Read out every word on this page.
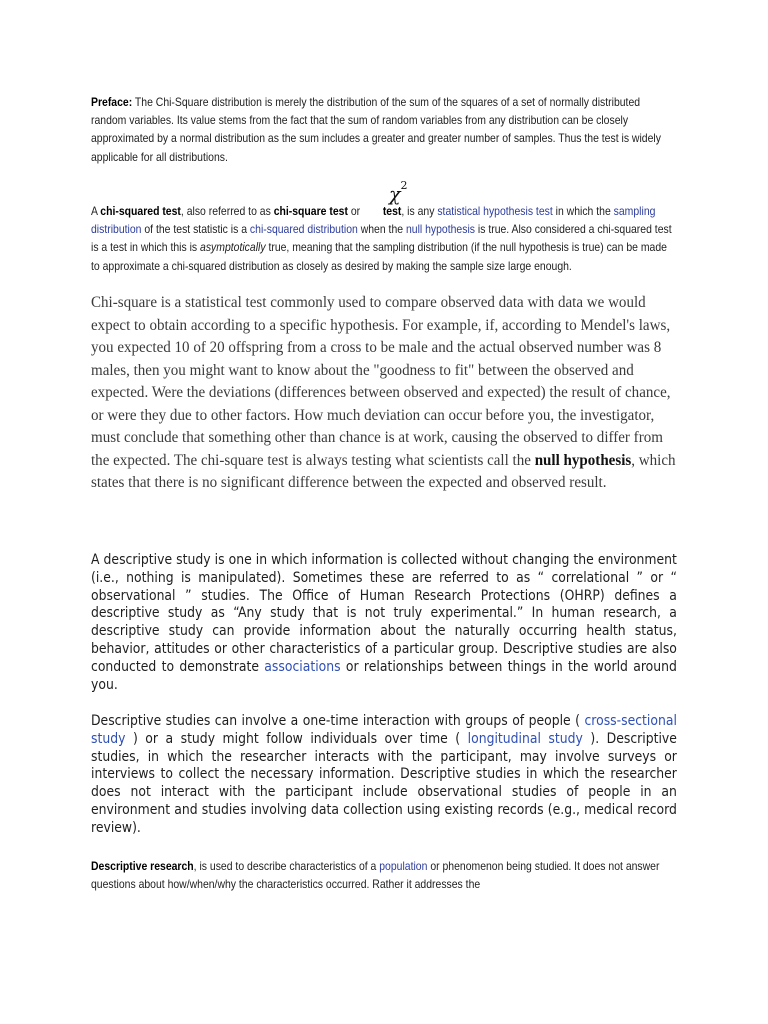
Preface: The Chi-Square distribution is merely the distribution of the sum of the squares of a set of normally distributed random variables. Its value stems from the fact that the sum of random variables from any distribution can be closely approximated by a normal distribution as the sum includes a greater and greater number of samples. Thus the test is widely applicable for all distributions.
$\chi^2$
A chi-squared test, also referred to as chi-square test or test, is any statistical hypothesis test in which the sampling distribution of the test statistic is a chi-squared distribution when the null hypothesis is true. Also considered a chi-squared test is a test in which this is asymptotically true, meaning that the sampling distribution (if the null hypothesis is true) can be made to approximate a chi-squared distribution as closely as desired by making the sample size large enough.
Chi-square is a statistical test commonly used to compare observed data with data we would expect to obtain according to a specific hypothesis. For example, if, according to Mendel's laws, you expected 10 of 20 offspring from a cross to be male and the actual observed number was 8 males, then you might want to know about the "goodness to fit" between the observed and expected. Were the deviations (differences between observed and expected) the result of chance, or were they due to other factors. How much deviation can occur before you, the investigator, must conclude that something other than chance is at work, causing the observed to differ from the expected. The chi-square test is always testing what scientists call the null hypothesis, which states that there is no significant difference between the expected and observed result.
A descriptive study is one in which information is collected without changing the environment (i.e., nothing is manipulated). Sometimes these are referred to as “ correlational ” or “ observational ” studies. The Office of Human Research Protections (OHRP) defines a descriptive study as “Any study that is not truly experimental.” In human research, a descriptive study can provide information about the naturally occurring health status, behavior, attitudes or other characteristics of a particular group. Descriptive studies are also conducted to demonstrate associations or relationships between things in the world around you.
Descriptive studies can involve a one-time interaction with groups of people ( cross-sectional study ) or a study might follow individuals over time ( longitudinal study ). Descriptive studies, in which the researcher interacts with the participant, may involve surveys or interviews to collect the necessary information. Descriptive studies in which the researcher does not interact with the participant include observational studies of people in an environment and studies involving data collection using existing records (e.g., medical record review).
Descriptive research, is used to describe characteristics of a population or phenomenon being studied. It does not answer questions about how/when/why the characteristics occurred. Rather it addresses the
